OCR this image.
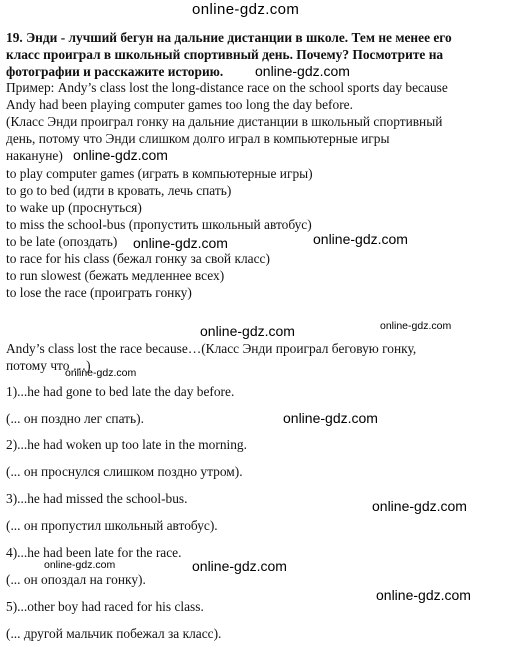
online-gdz.com
19. Энди - лучший бегун на дальние дистанции в школе. Тем не менее его
класс проиграл в школьный спортивный день. Почему? Посмотрите на
фотографии и расскажите историю. online-gdz.com
Пример: Andy’s class lost the long-distance race on the school sports day because
Andy had been playing computer games too long the day before.
(Класс Энди проиграл гонку на дальние дистанции в школьный спортивный
день, потому что Энди слишком долго играл в компьютерные игры
накануне) online-gdz.com
to play computer games (играть в компьютерные игры)
to go to bed (идти в кровать, лечь спать)
to wake up (проснуться)
to miss the school-bus (пропустить школьный автобус)
to be late (опоздать) online-gdz.com	online-gdz.com
to race for his class (бежал гонку за свой класс)
to run slowest (бежать медленнее всех)
to lose the race (проиграть гонку)
online-gdz.com	online-gdz.com
Andy’s class lost the race because…(Класс Энди проиграл беговую гонку,
потому что …)
online-gdz.com
1)...he had gone to bed late the day before.
(... он поздно лег спать).	online-gdz.com
2)...he had woken up too late in the morning.
(... он проснулся слишком поздно утром).
3)...he had missed the school-bus.	online-gdz.com
(... он пропустил школьный автобус).
4)...he had been late for the race.
online-gdz.com	online-gdz.com
(... он опоздал на гонку).
5)...other boy had raced for his class.
online-gdz.com
(... другой мальчик побежал за класс).
